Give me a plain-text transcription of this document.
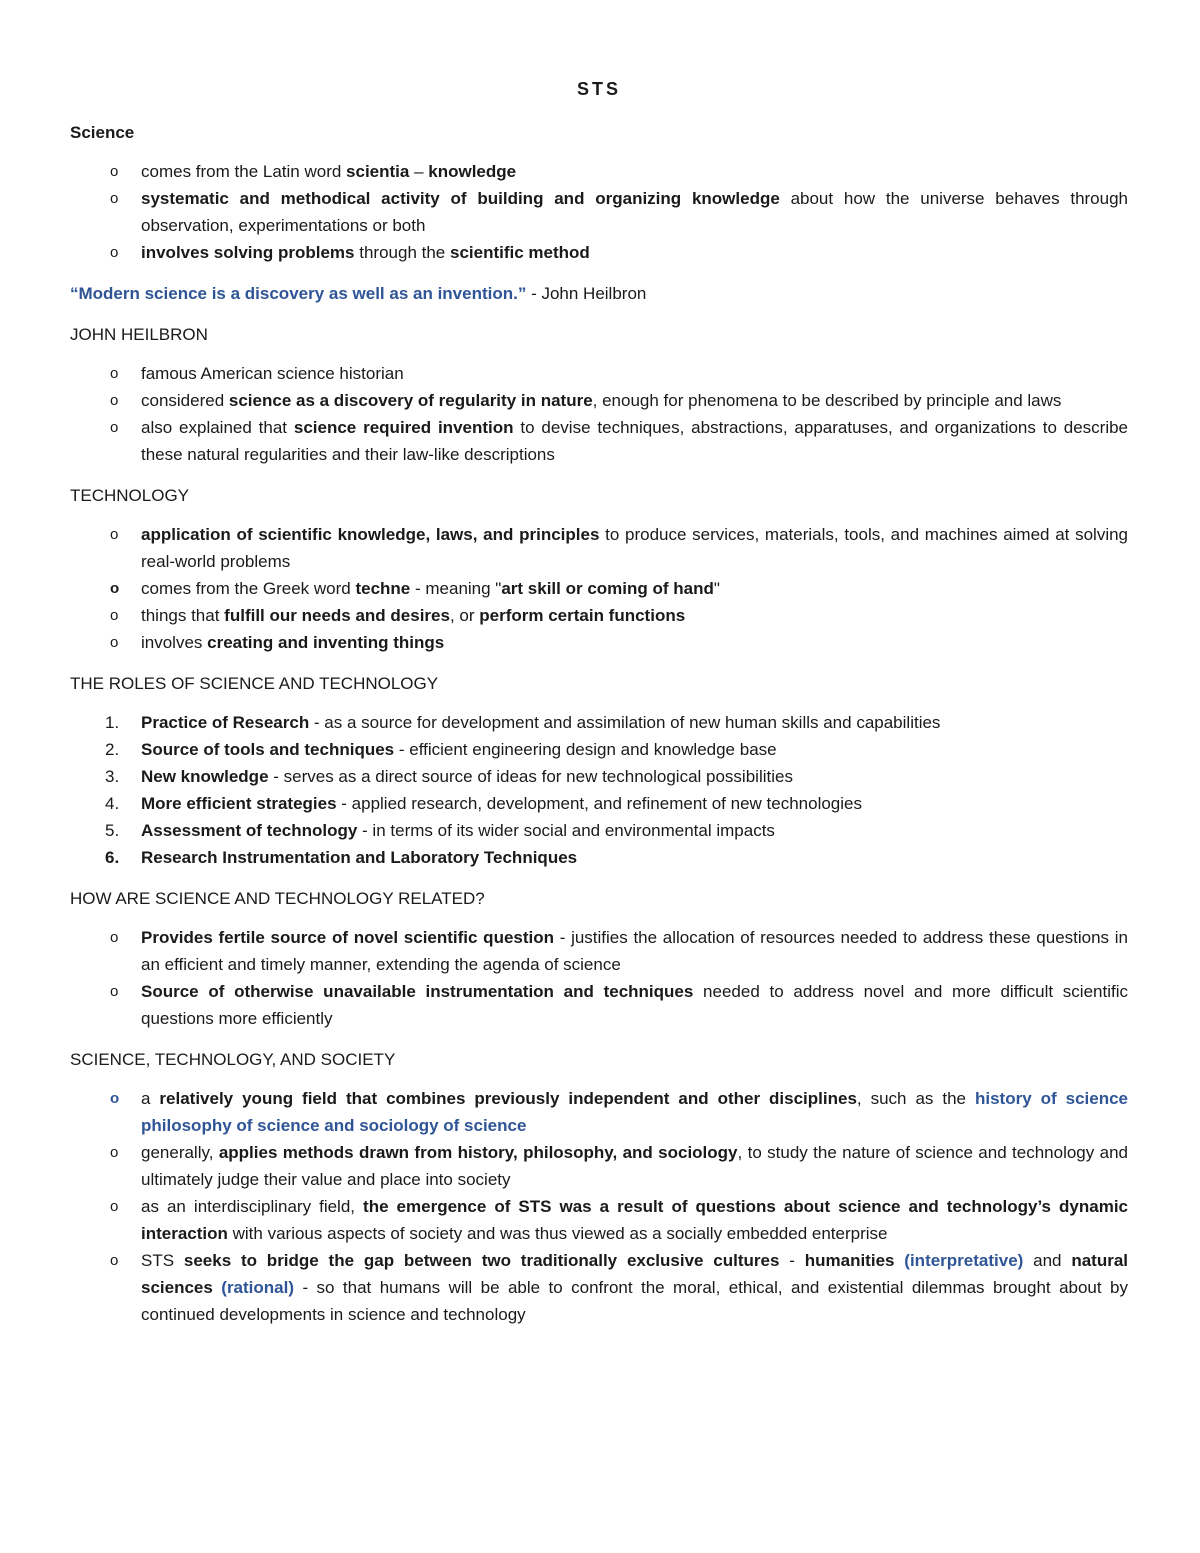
STS
Science
o comes from the Latin word scientia – knowledge
o systematic and methodical activity of building and organizing knowledge about how the universe behaves through observation, experimentations or both
o involves solving problems through the scientific method
“Modern science is a discovery as well as an invention.” - John Heilbron
JOHN HEILBRON
o famous American science historian
o considered science as a discovery of regularity in nature, enough for phenomena to be described by principle and laws
o also explained that science required invention to devise techniques, abstractions, apparatuses, and organizations to describe these natural regularities and their law-like descriptions
TECHNOLOGY
o application of scientific knowledge, laws, and principles to produce services, materials, tools, and machines aimed at solving real-world problems
o comes from the Greek word techne - meaning "art skill or coming of hand"
o things that fulfill our needs and desires, or perform certain functions
o involves creating and inventing things
THE ROLES OF SCIENCE AND TECHNOLOGY
1. Practice of Research - as a source for development and assimilation of new human skills and capabilities
2. Source of tools and techniques - efficient engineering design and knowledge base
3. New knowledge - serves as a direct source of ideas for new technological possibilities
4. More efficient strategies - applied research, development, and refinement of new technologies
5. Assessment of technology - in terms of its wider social and environmental impacts
6. Research Instrumentation and Laboratory Techniques
HOW ARE SCIENCE AND TECHNOLOGY RELATED?
o Provides fertile source of novel scientific question - justifies the allocation of resources needed to address these questions in an efficient and timely manner, extending the agenda of science
o Source of otherwise unavailable instrumentation and techniques needed to address novel and more difficult scientific questions more efficiently
SCIENCE, TECHNOLOGY, AND SOCIETY
o a relatively young field that combines previously independent and other disciplines, such as the history of science philosophy of science and sociology of science
o generally, applies methods drawn from history, philosophy, and sociology, to study the nature of science and technology and ultimately judge their value and place into society
o as an interdisciplinary field, the emergence of STS was a result of questions about science and technology’s dynamic interaction with various aspects of society and was thus viewed as a socially embedded enterprise
o STS seeks to bridge the gap between two traditionally exclusive cultures - humanities (interpretative) and natural sciences (rational) - so that humans will be able to confront the moral, ethical, and existential dilemmas brought about by continued developments in science and technology
